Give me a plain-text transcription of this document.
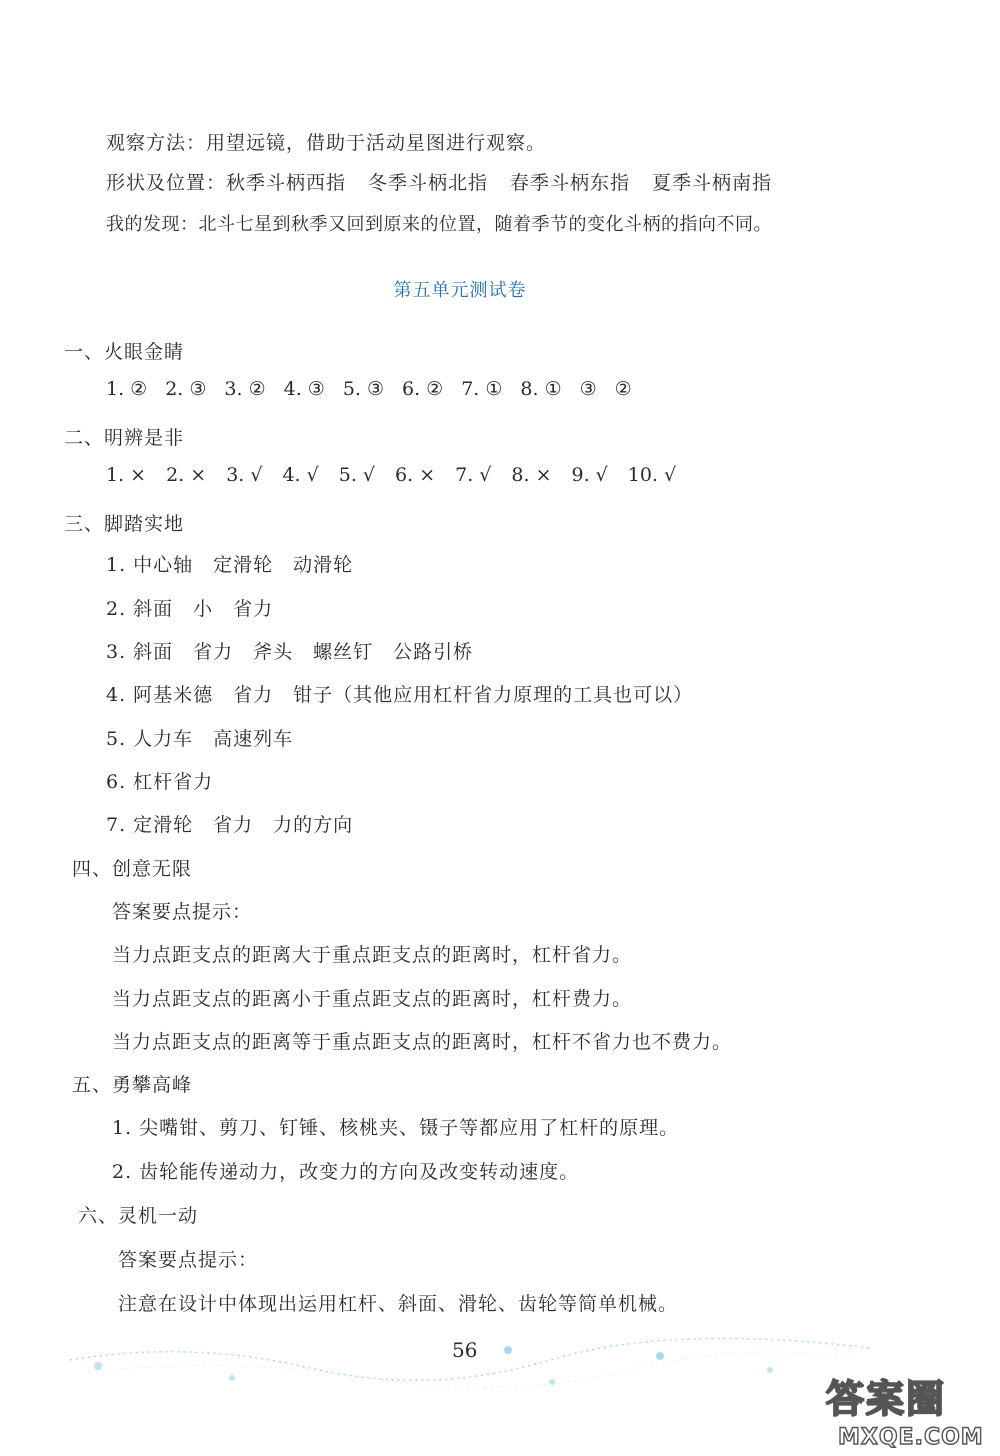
观察方法：用望远镜，借助于活动星图进行观察。
形状及位置：秋季斗柄西指 冬季斗柄北指 春季斗柄东指 夏季斗柄南指
我的发现：北斗七星到秋季又回到原来的位置，随着季节的变化斗柄的指向不同。
第五单元测试卷
一、火眼金睛
1. ② 2. ③ 3. ② 4. ③ 5. ③ 6. ② 7. ① 8. ① ③ ②
二、明辨是非
1. × 2. × 3. √ 4. √ 5. √ 6. × 7. √ 8. × 9. √ 10. √
三、脚踏实地
1. 中心轴　定滑轮　动滑轮
2. 斜面　小　省力
3. 斜面　省力　斧头　螺丝钉　公路引桥
4. 阿基米德　省力　钳子（其他应用杠杆省力原理的工具也可以）
5. 人力车　高速列车
6. 杠杆省力
7. 定滑轮　省力　力的方向
四、创意无限
答案要点提示：
当力点距支点的距离大于重点距支点的距离时，杠杆省力。
当力点距支点的距离小于重点距支点的距离时，杠杆费力。
当力点距支点的距离等于重点距支点的距离时，杠杆不省力也不费力。
五、勇攀高峰
1. 尖嘴钳、剪刀、钉锤、核桃夹、镊子等都应用了杠杆的原理。
2. 齿轮能传递动力，改变力的方向及改变转动速度。
六、灵机一动
答案要点提示：
注意在设计中体现出运用杠杆、斜面、滑轮、齿轮等简单机械。
56
答案圈
MXQE.COM
